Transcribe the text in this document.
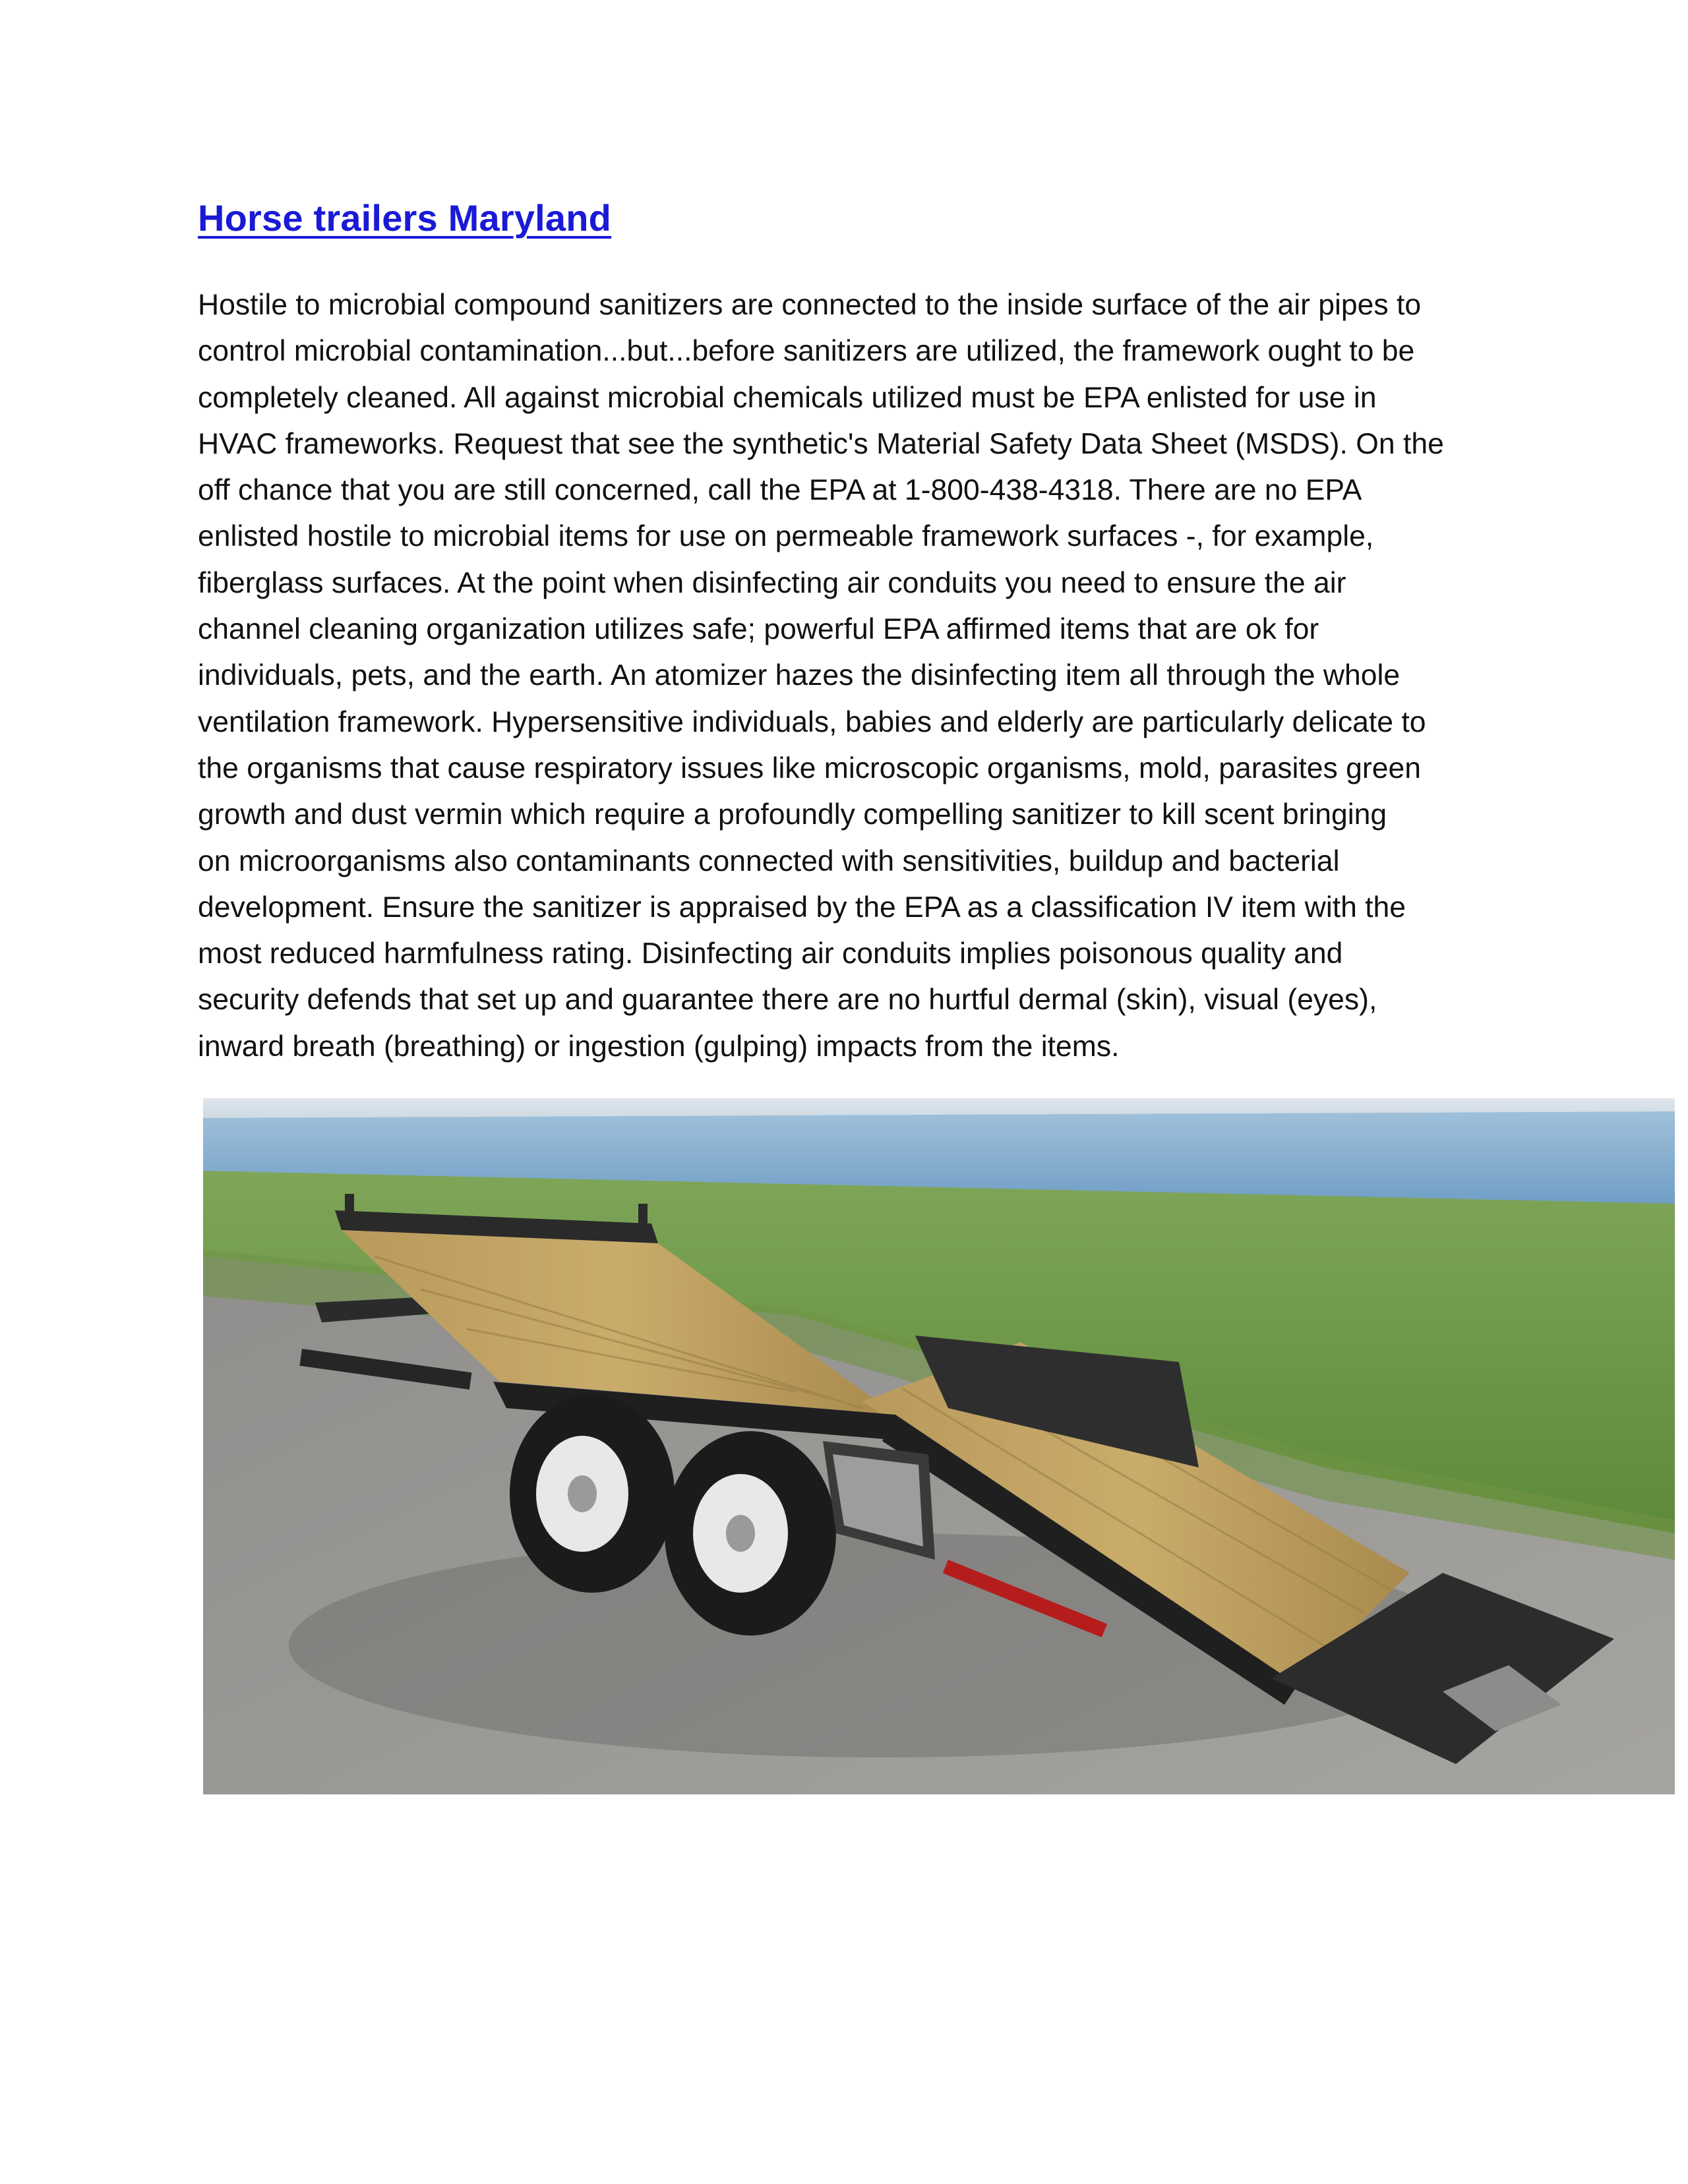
Horse trailers Maryland
Hostile to microbial compound sanitizers are connected to the inside surface of the air pipes to
control microbial contamination...but...before sanitizers are utilized, the framework ought to be
completely cleaned. All against microbial chemicals utilized must be EPA enlisted for use in
HVAC frameworks. Request that see the synthetic's Material Safety Data Sheet (MSDS). On the
off chance that you are still concerned, call the EPA at 1-800-438-4318. There are no EPA
enlisted hostile to microbial items for use on permeable framework surfaces -, for example,
fiberglass surfaces. At the point when disinfecting air conduits you need to ensure the air
channel cleaning organization utilizes safe; powerful EPA affirmed items that are ok for
individuals, pets, and the earth. An atomizer hazes the disinfecting item all through the whole
ventilation framework. Hypersensitive individuals, babies and elderly are particularly delicate to
the organisms that cause respiratory issues like microscopic organisms, mold, parasites green
growth and dust vermin which require a profoundly compelling sanitizer to kill scent bringing
on microorganisms also contaminants connected with sensitivities, buildup and bacterial
development. Ensure the sanitizer is appraised by the EPA as a classification IV item with the
most reduced harmfulness rating. Disinfecting air conduits implies poisonous quality and
security defends that set up and guarantee there are no hurtful dermal (skin), visual (eyes),
inward breath (breathing) or ingestion (gulping) impacts from the items.
